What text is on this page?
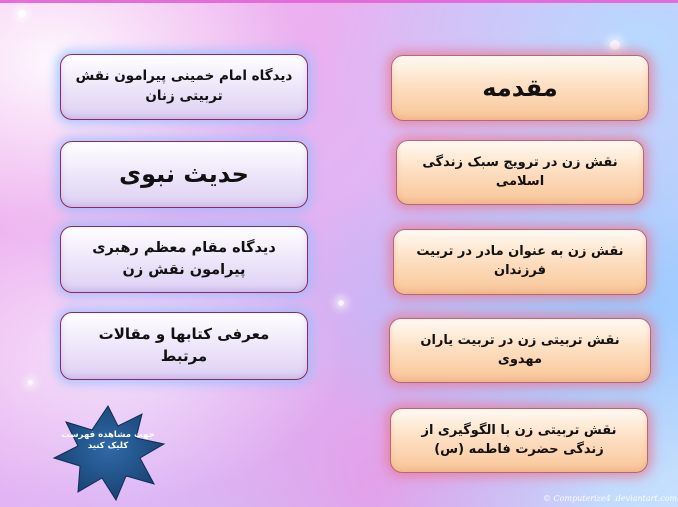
دیدگاه امام خمینی پیرامون نقش تربیتی زنان
حدیث نبوی
دیدگاه مقام معظم رهبری پیرامون نقش زن
معرفی کتابها و مقالات مرتبط
مقدمه
نقش زن در ترویج سبک زندگی اسلامی
نقش زن به عنوان مادر در تربیت فرزندان
نقش تربیتی زن در تربیت یاران مهدوی
نقش تربیتی زن با الگوگیری از زندگی حضرت فاطمه (س)
جهت مشاهده فهرست کلیک کنید
© Computerize4 .deviantart.com
